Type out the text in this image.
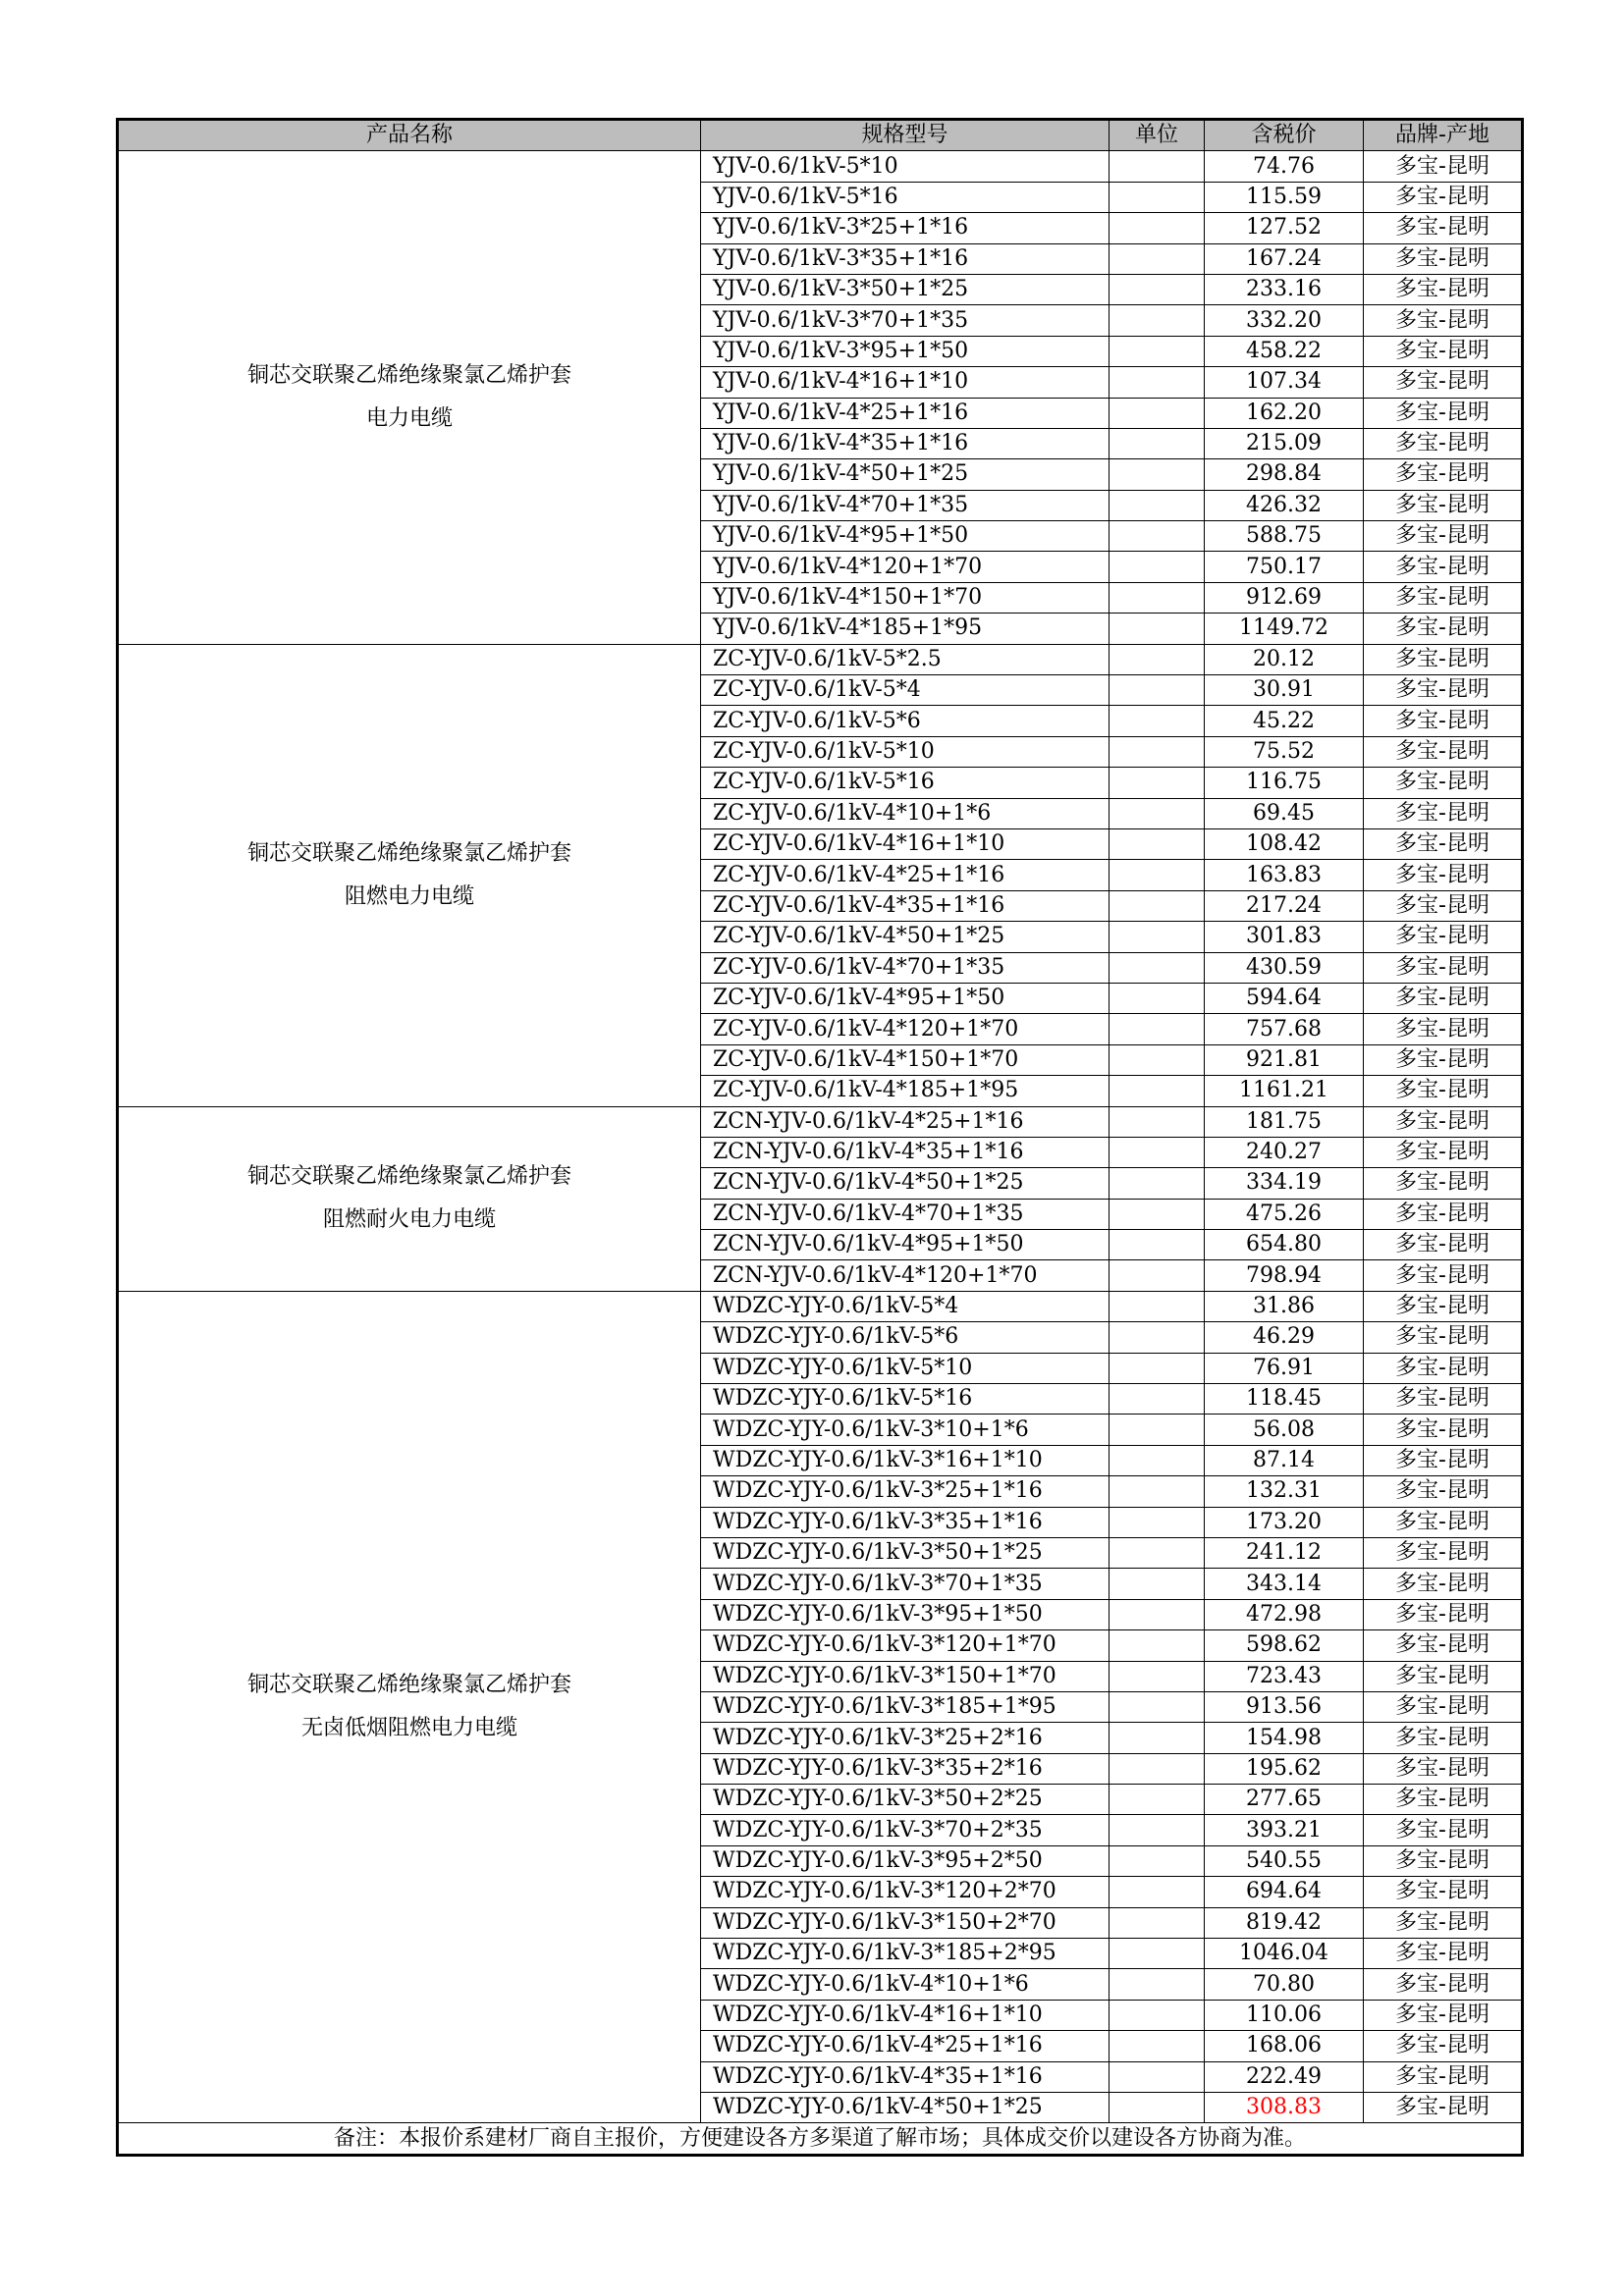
产品名称	规格型号	单位	含税价	品牌-产地

铜芯交联聚乙烯绝缘聚氯乙烯护套
电力电缆	YJV-0.6/1kV-5*10		74.76	多宝-昆明
	YJV-0.6/1kV-5*16		115.59	多宝-昆明
	YJV-0.6/1kV-3*25+1*16		127.52	多宝-昆明
	YJV-0.6/1kV-3*35+1*16		167.24	多宝-昆明
	YJV-0.6/1kV-3*50+1*25		233.16	多宝-昆明
	YJV-0.6/1kV-3*70+1*35		332.20	多宝-昆明
	YJV-0.6/1kV-3*95+1*50		458.22	多宝-昆明
	YJV-0.6/1kV-4*16+1*10		107.34	多宝-昆明
	YJV-0.6/1kV-4*25+1*16		162.20	多宝-昆明
	YJV-0.6/1kV-4*35+1*16		215.09	多宝-昆明
	YJV-0.6/1kV-4*50+1*25		298.84	多宝-昆明
	YJV-0.6/1kV-4*70+1*35		426.32	多宝-昆明
	YJV-0.6/1kV-4*95+1*50		588.75	多宝-昆明
	YJV-0.6/1kV-4*120+1*70		750.17	多宝-昆明
	YJV-0.6/1kV-4*150+1*70		912.69	多宝-昆明
	YJV-0.6/1kV-4*185+1*95		1149.72	多宝-昆明

铜芯交联聚乙烯绝缘聚氯乙烯护套
阻燃电力电缆	ZC-YJV-0.6/1kV-5*2.5		20.12	多宝-昆明
	ZC-YJV-0.6/1kV-5*4		30.91	多宝-昆明
	ZC-YJV-0.6/1kV-5*6		45.22	多宝-昆明
	ZC-YJV-0.6/1kV-5*10		75.52	多宝-昆明
	ZC-YJV-0.6/1kV-5*16		116.75	多宝-昆明
	ZC-YJV-0.6/1kV-4*10+1*6		69.45	多宝-昆明
	ZC-YJV-0.6/1kV-4*16+1*10		108.42	多宝-昆明
	ZC-YJV-0.6/1kV-4*25+1*16		163.83	多宝-昆明
	ZC-YJV-0.6/1kV-4*35+1*16		217.24	多宝-昆明
	ZC-YJV-0.6/1kV-4*50+1*25		301.83	多宝-昆明
	ZC-YJV-0.6/1kV-4*70+1*35		430.59	多宝-昆明
	ZC-YJV-0.6/1kV-4*95+1*50		594.64	多宝-昆明
	ZC-YJV-0.6/1kV-4*120+1*70		757.68	多宝-昆明
	ZC-YJV-0.6/1kV-4*150+1*70		921.81	多宝-昆明
	ZC-YJV-0.6/1kV-4*185+1*95		1161.21	多宝-昆明

铜芯交联聚乙烯绝缘聚氯乙烯护套
阻燃耐火电力电缆	ZCN-YJV-0.6/1kV-4*25+1*16		181.75	多宝-昆明
	ZCN-YJV-0.6/1kV-4*35+1*16		240.27	多宝-昆明
	ZCN-YJV-0.6/1kV-4*50+1*25		334.19	多宝-昆明
	ZCN-YJV-0.6/1kV-4*70+1*35		475.26	多宝-昆明
	ZCN-YJV-0.6/1kV-4*95+1*50		654.80	多宝-昆明
	ZCN-YJV-0.6/1kV-4*120+1*70		798.94	多宝-昆明

铜芯交联聚乙烯绝缘聚氯乙烯护套
无卤低烟阻燃电力电缆	WDZC-YJY-0.6/1kV-5*4		31.86	多宝-昆明
	WDZC-YJY-0.6/1kV-5*6		46.29	多宝-昆明
	WDZC-YJY-0.6/1kV-5*10		76.91	多宝-昆明
	WDZC-YJY-0.6/1kV-5*16		118.45	多宝-昆明
	WDZC-YJY-0.6/1kV-3*10+1*6		56.08	多宝-昆明
	WDZC-YJY-0.6/1kV-3*16+1*10		87.14	多宝-昆明
	WDZC-YJY-0.6/1kV-3*25+1*16		132.31	多宝-昆明
	WDZC-YJY-0.6/1kV-3*35+1*16		173.20	多宝-昆明
	WDZC-YJY-0.6/1kV-3*50+1*25		241.12	多宝-昆明
	WDZC-YJY-0.6/1kV-3*70+1*35		343.14	多宝-昆明
	WDZC-YJY-0.6/1kV-3*95+1*50		472.98	多宝-昆明
	WDZC-YJY-0.6/1kV-3*120+1*70		598.62	多宝-昆明
	WDZC-YJY-0.6/1kV-3*150+1*70		723.43	多宝-昆明
	WDZC-YJY-0.6/1kV-3*185+1*95		913.56	多宝-昆明
	WDZC-YJY-0.6/1kV-3*25+2*16		154.98	多宝-昆明
	WDZC-YJY-0.6/1kV-3*35+2*16		195.62	多宝-昆明
	WDZC-YJY-0.6/1kV-3*50+2*25		277.65	多宝-昆明
	WDZC-YJY-0.6/1kV-3*70+2*35		393.21	多宝-昆明
	WDZC-YJY-0.6/1kV-3*95+2*50		540.55	多宝-昆明
	WDZC-YJY-0.6/1kV-3*120+2*70		694.64	多宝-昆明
	WDZC-YJY-0.6/1kV-3*150+2*70		819.42	多宝-昆明
	WDZC-YJY-0.6/1kV-3*185+2*95		1046.04	多宝-昆明
	WDZC-YJY-0.6/1kV-4*10+1*6		70.80	多宝-昆明
	WDZC-YJY-0.6/1kV-4*16+1*10		110.06	多宝-昆明
	WDZC-YJY-0.6/1kV-4*25+1*16		168.06	多宝-昆明
	WDZC-YJY-0.6/1kV-4*35+1*16		222.49	多宝-昆明
	WDZC-YJY-0.6/1kV-4*50+1*25		308.83	多宝-昆明
备注：本报价系建材厂商自主报价，方便建设各方多渠道了解市场；具体成交价以建设各方协商为准。				
